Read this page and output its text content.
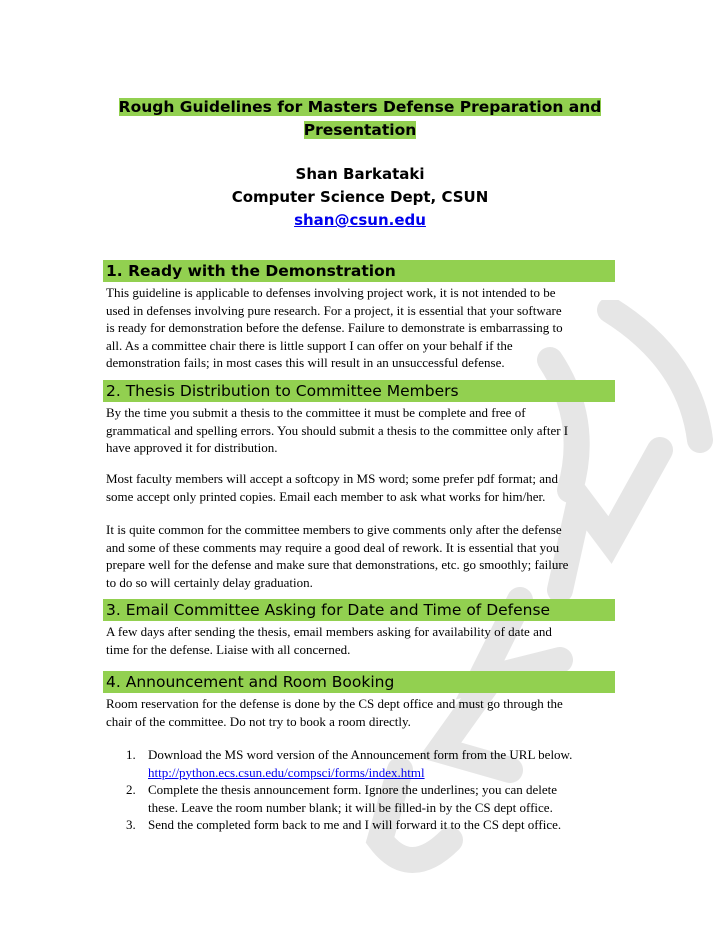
Rough Guidelines for Masters Defense Preparation and
Presentation
Shan Barkataki
Computer Science Dept, CSUN
shan@csun.edu
1. Ready with the Demonstration
This guideline is applicable to defenses involving project work, it is not intended to be
used in defenses involving pure research. For a project, it is essential that your software
is ready for demonstration before the defense. Failure to demonstrate is embarrassing to
all. As a committee chair there is little support I can offer on your behalf if the
demonstration fails; in most cases this will result in an unsuccessful defense.
2. Thesis Distribution to Committee Members
By the time you submit a thesis to the committee it must be complete and free of
grammatical and spelling errors. You should submit a thesis to the committee only after I
have approved it for distribution.
Most faculty members will accept a softcopy in MS word; some prefer pdf format; and
some accept only printed copies. Email each member to ask what works for him/her.
It is quite common for the committee members to give comments only after the defense
and some of these comments may require a good deal of rework. It is essential that you
prepare well for the defense and make sure that demonstrations, etc. go smoothly; failure
to do so will certainly delay graduation.
3. Email Committee Asking for Date and Time of Defense
A few days after sending the thesis, email members asking for availability of date and
time for the defense. Liaise with all concerned.
4. Announcement and Room Booking
Room reservation for the defense is done by the CS dept office and must go through the
chair of the committee. Do not try to book a room directly.
1. Download the MS word version of the Announcement form from the URL below.
http://python.ecs.csun.edu/compsci/forms/index.html
2. Complete the thesis announcement form. Ignore the underlines; you can delete
these. Leave the room number blank; it will be filled-in by the CS dept office.
3. Send the completed form back to me and I will forward it to the CS dept office.
